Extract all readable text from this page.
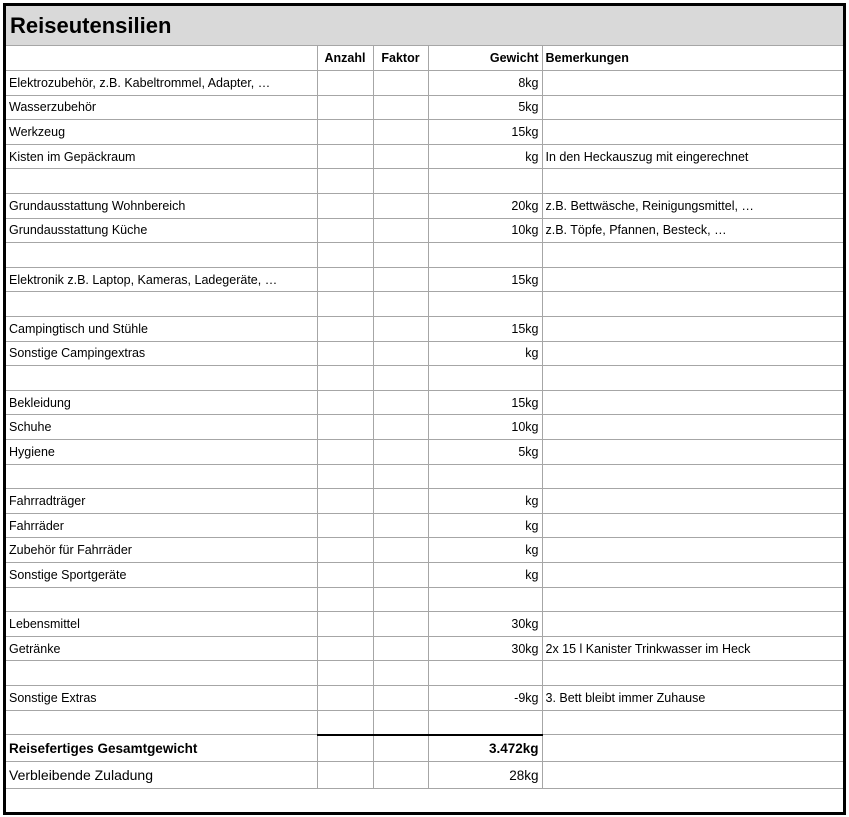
Reiseutensilien
	Anzahl	Faktor	Gewicht	Bemerkungen
Elektrozubehör, z.B. Kabeltrommel, Adapter, …			8kg	
Wasserzubehör			5kg	
Werkzeug			15kg	
Kisten im Gepäckraum			kg	In den Heckauszug mit eingerechnet

Grundausstattung Wohnbereich			20kg	z.B. Bettwäsche, Reinigungsmittel, …
Grundausstattung Küche			10kg	z.B. Töpfe, Pfannen, Besteck, …

Elektronik z.B. Laptop, Kameras, Ladegeräte, …			15kg	

Campingtisch und Stühle			15kg	
Sonstige Campingextras			kg	

Bekleidung			15kg	
Schuhe			10kg	
Hygiene			5kg	

Fahrradträger			kg	
Fahrräder			kg	
Zubehör für Fahrräder			kg	
Sonstige Sportgeräte			kg	

Lebensmittel			30kg	
Getränke			30kg	2x 15 l Kanister Trinkwasser im Heck

Sonstige Extras			-9kg	3. Bett bleibt immer Zuhause

Reisefertiges Gesamtgewicht			3.472kg	
Verbleibende Zuladung			28kg	
